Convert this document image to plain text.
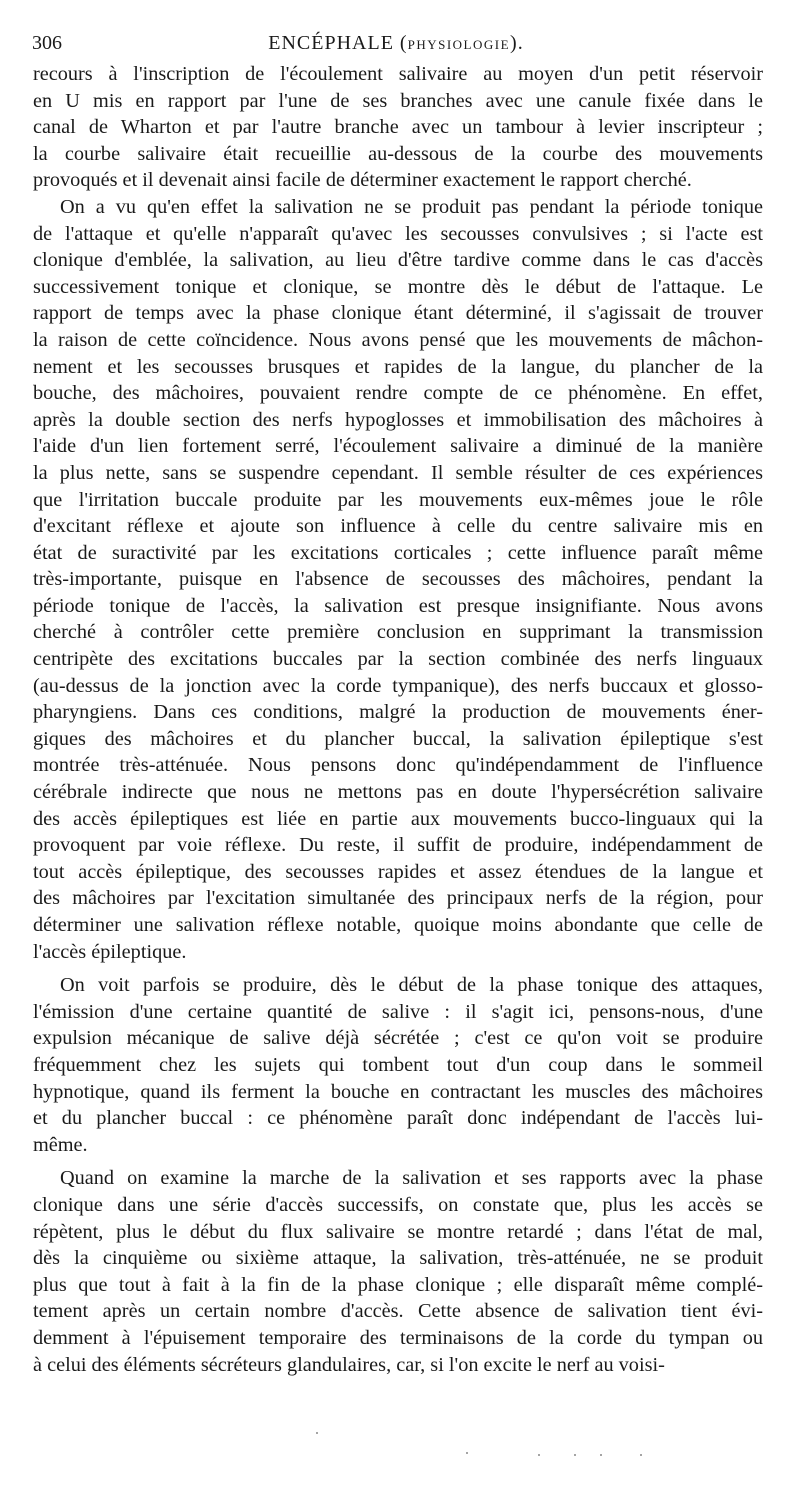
306	ENCÉPHALE (PHYSIOLOGIE).

recours à l'inscription de l'écoulement salivaire au moyen d'un petit réservoir

en U mis en rapport par l'une de ses branches avec une canule fixée dans le

canal de Wharton et par l'autre branche avec un tambour à levier inscripteur ;

la courbe salivaire était recueillie au-dessous de la courbe des mouvements

provoqués et il devenait ainsi facile de déterminer exactement le rapport cherché.

On a vu qu'en effet la salivation ne se produit pas pendant la période tonique

de l'attaque et qu'elle n'apparaît qu'avec les secousses convulsives ; si l'acte est

clonique d'emblée, la salivation, au lieu d'être tardive comme dans le cas d'accès

successivement tonique et clonique, se montre dès le début de l'attaque. Le

rapport de temps avec la phase clonique étant déterminé, il s'agissait de trouver

la raison de cette coïncidence. Nous avons pensé que les mouvements de mâchon-

nement et les secousses brusques et rapides de la langue, du plancher de la

bouche, des mâchoires, pouvaient rendre compte de ce phénomène. En effet,

après la double section des nerfs hypoglosses et immobilisation des mâchoires à

l'aide d'un lien fortement serré, l'écoulement salivaire a diminué de la manière

la plus nette, sans se suspendre cependant. Il semble résulter de ces expériences

que l'irritation buccale produite par les mouvements eux-mêmes joue le rôle

d'excitant réflexe et ajoute son influence à celle du centre salivaire mis en

état de suractivité par les excitations corticales ; cette influence paraît même

très-importante, puisque en l'absence de secousses des mâchoires, pendant la

période tonique de l'accès, la salivation est presque insignifiante. Nous avons

cherché à contrôler cette première conclusion en supprimant la transmission

centripète des excitations buccales par la section combinée des nerfs linguaux

(au-dessus de la jonction avec la corde tympanique), des nerfs buccaux et glosso-

pharyngiens. Dans ces conditions, malgré la production de mouvements éner-

giques des mâchoires et du plancher buccal, la salivation épileptique s'est

montrée très-atténuée. Nous pensons donc qu'indépendamment de l'influence

cérébrale indirecte que nous ne mettons pas en doute l'hypersécrétion salivaire

des accès épileptiques est liée en partie aux mouvements bucco-linguaux qui la

provoquent par voie réflexe. Du reste, il suffit de produire, indépendamment de

tout accès épileptique, des secousses rapides et assez étendues de la langue et

des mâchoires par l'excitation simultanée des principaux nerfs de la région, pour

déterminer une salivation réflexe notable, quoique moins abondante que celle de

l'accès épileptique.

On voit parfois se produire, dès le début de la phase tonique des attaques,

l'émission d'une certaine quantité de salive : il s'agit ici, pensons-nous, d'une

expulsion mécanique de salive déjà sécrétée ; c'est ce qu'on voit se produire

fréquemment chez les sujets qui tombent tout d'un coup dans le sommeil

hypnotique, quand ils ferment la bouche en contractant les muscles des mâchoires

et du plancher buccal : ce phénomène paraît donc indépendant de l'accès lui-

même.

Quand on examine la marche de la salivation et ses rapports avec la phase

clonique dans une série d'accès successifs, on constate que, plus les accès se

répètent, plus le début du flux salivaire se montre retardé ; dans l'état de mal,

dès la cinquième ou sixième attaque, la salivation, très-atténuée, ne se produit

plus que tout à fait à la fin de la phase clonique ; elle disparaît même complé-

tement après un certain nombre d'accès. Cette absence de salivation tient évi-

demment à l'épuisement temporaire des terminaisons de la corde du tympan ou

à celui des éléments sécréteurs glandulaires, car, si l'on excite le nerf au voisi-
